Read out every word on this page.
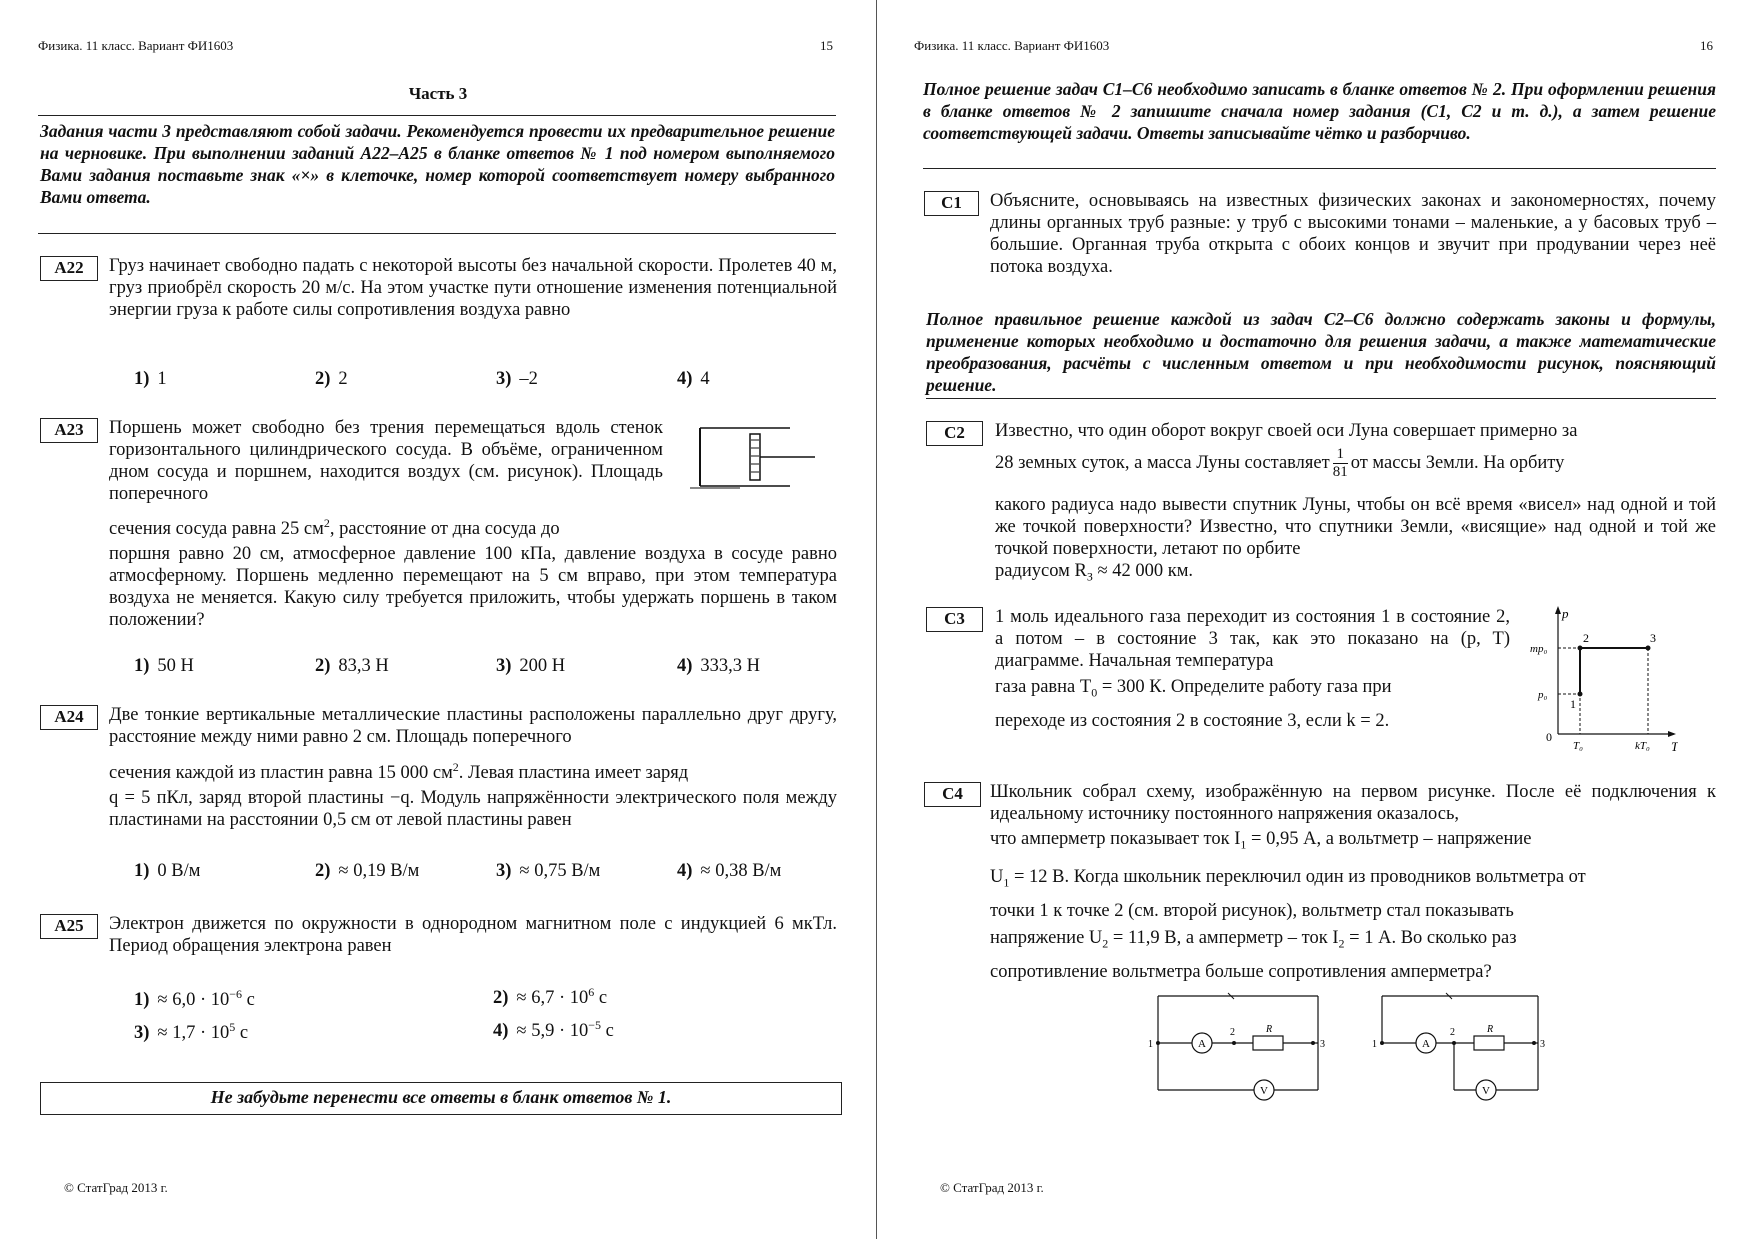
Физика. 11 класс. Вариант ФИ1603	15
Часть 3
Задания части 3 представляют собой задачи. Рекомендуется провести их предварительное решение на черновике. При выполнении заданий А22–А25 в бланке ответов № 1 под номером выполняемого Вами задания поставьте знак «×» в клеточке, номер которой соответствует номеру выбранного Вами ответа.
А22	Груз начинает свободно падать с некоторой высоты без начальной скорости. Пролетев 40 м, груз приобрёл скорость 20 м/с. На этом участке пути отношение изменения потенциальной энергии груза к работе силы сопротивления воздуха равно
1) 1	2) 2	3) –2	4) 4
А23	Поршень может свободно без трения перемещаться вдоль стенок горизонтального цилиндрического сосуда. В объёме, ограниченном дном сосуда и поршнем, находится воздух (см. рисунок). Площадь поперечного
сечения сосуда равна 25 $см^2$, расстояние от дна сосуда до
поршня равно 20 см, атмосферное давление 100 кПа, давление воздуха в сосуде равно атмосферному. Поршень медленно перемещают на 5 см вправо, при этом температура воздуха не меняется. Какую силу требуется приложить, чтобы удержать поршень в таком положении?
1) 50 Н	2) 83,3 Н	3) 200 Н	4) 333,3 Н
А24	Две тонкие вертикальные металлические пластины расположены параллельно друг другу, расстояние между ними равно 2 см. Площадь поперечного
сечения каждой из пластин равна 15 000 $см^2$. Левая пластина имеет заряд
q = 5 пКл, заряд второй пластины −q. Модуль напряжённости электрического поля между пластинами на расстоянии 0,5 см от левой пластины равен
1) 0 В/м	2) ≈ 0,19 В/м	3) ≈ 0,75 В/м	4) ≈ 0,38 В/м
А25	Электрон движется по окружности в однородном магнитном поле с индукцией 6 мкТл. Период обращения электрона равен
$1) \approx 6,0 \cdot 10^{-6}$ с	$2) \approx 6,7 \cdot 10^6$ с
$3) \approx 1,7 \cdot 10^5$ с	$4) \approx 5,9 \cdot 10^{-5}$ с
Не забудьте перенести все ответы в бланк ответов № 1.
© СтатГрад 2013 г.
Физика. 11 класс. Вариант ФИ1603	16
Полное решение задач С1–С6 необходимо записать в бланке ответов № 2. При оформлении решения в бланке ответов № 2 запишите сначала номер задания (С1, С2 и т. д.), а затем решение соответствующей задачи. Ответы записывайте чётко и разборчиво.
С1	Объясните, основываясь на известных физических законах и закономерностях, почему длины органных труб разные: у труб с высокими тонами – маленькие, а у басовых труб – большие. Органная труба открыта с обоих концов и звучит при продувании через неё потока воздуха.
Полное правильное решение каждой из задач С2–С6 должно содержать законы и формулы, применение которых необходимо и достаточно для решения задачи, а также математические преобразования, расчёты с численным ответом и при необходимости рисунок, поясняющий решение.
С2	Известно, что один оборот вокруг своей оси Луна совершает примерно за
28 земных суток, а масса Луны составляет $\frac{1}{81}$ от массы Земли. На орбиту
какого радиуса надо вывести спутник Луны, чтобы он всё время «висел» над одной и той же точкой поверхности? Известно, что спутники Земли, «висящие» над одной и той же точкой поверхности, летают по орбите
радиусом $R_З \approx 42$ 000 км.
С3	1 моль идеального газа переходит из состояния 1 в состояние 2, а потом – в состояние 3 так, как это показано на (p, T) диаграмме. Начальная температура
газа равна $T_0 = 300$ К. Определите работу газа при
переходе из состояния 2 в состояние 3, если k = 2.
p
T
0
mp₀
p₀
T₀	kT₀
1
2	3
С4	Школьник собрал схему, изображённую на первом рисунке. После её подключения к идеальному источнику постоянного напряжения оказалось,
что амперметр показывает ток $I_1 = 0,95$ А, а вольтметр – напряжение
$U_1 = 12$ В. Когда школьник переключил один из проводников вольтметра от
точки 1 к точке 2 (см. второй рисунок), вольтметр стал показывать
напряжение $U_2 = 11,9$ В, а амперметр – ток $I_2 = 1$ А. Во сколько раз
сопротивление вольтметра больше сопротивления амперметра?
A
R
1
2
3
V
A
R
1
2
3
V
© СтатГрад 2013 г.
